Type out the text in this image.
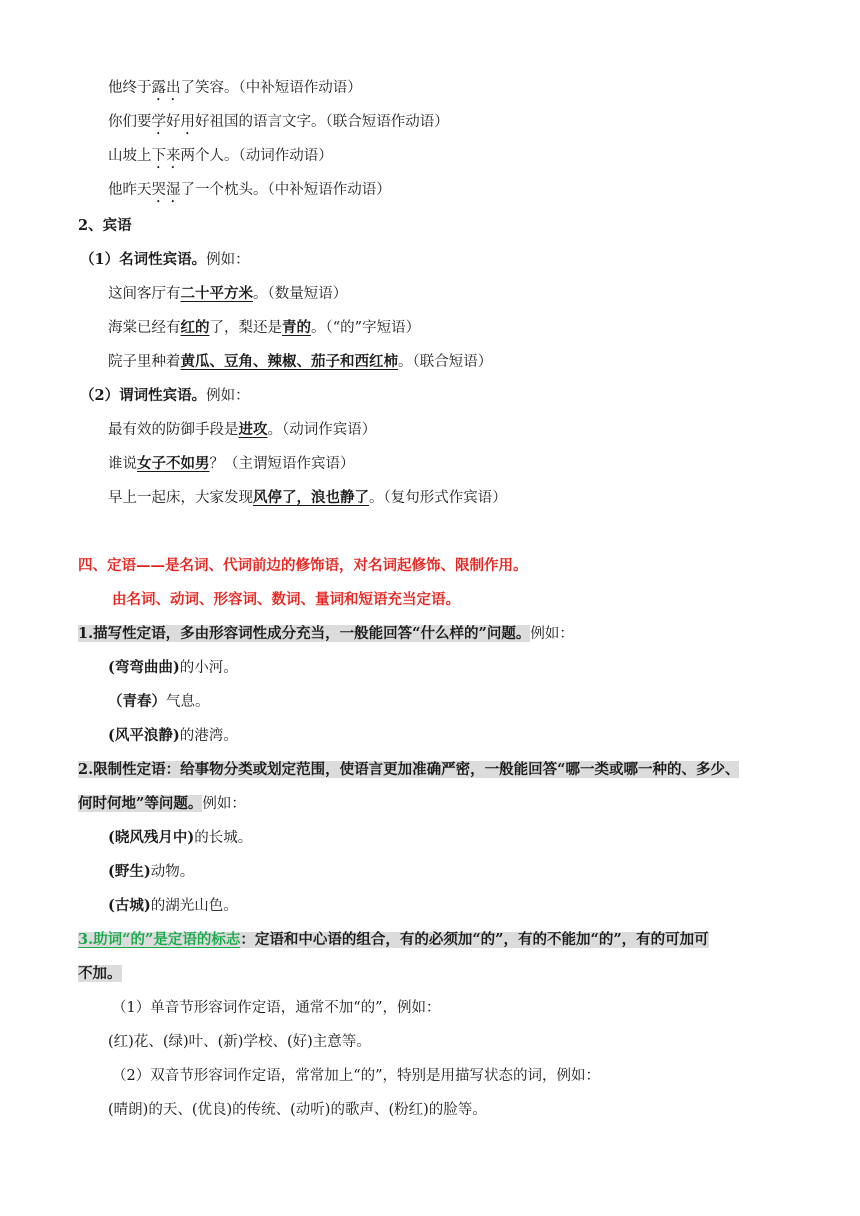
他终于露出了笑容。（中补短语作动语）
你们要学好用好祖国的语言文字。（联合短语作动语）
山坡上下来两个人。（动词作动语）
他昨天哭湿了一个枕头。（中补短语作动语）
2、宾语
（1）名词性宾语。例如：
这间客厅有二十平方米。（数量短语）
海棠已经有红的了，梨还是青的。（“的”字短语）
院子里种着黄瓜、豆角、辣椒、茄子和西红柿。（联合短语）
（2）谓词性宾语。例如：
最有效的防御手段是进攻。（动词作宾语）
谁说女子不如男？（主谓短语作宾语）
早上一起床，大家发现风停了，浪也静了。（复句形式作宾语）
四、定语——是名词、代词前边的修饰语，对名词起修饰、限制作用。
由名词、动词、形容词、数词、量词和短语充当定语。
1.描写性定语，多由形容词性成分充当，一般能回答“什么样的”问题。例如：
(弯弯曲曲)的小河。
（青春）气息。
(风平浪静)的港湾。
2.限制性定语：给事物分类或划定范围，使语言更加准确严密，一般能回答“哪一类或哪一种的、多少、
何时何地”等问题。例如：
(晓风残月中)的长城。
(野生)动物。
(古城)的湖光山色。
3.助词“的”是定语的标志：定语和中心语的组合，有的必须加“的”，有的不能加“的”，有的可加可
不加。
（1）单音节形容词作定语，通常不加“的”，例如：
(红)花、(绿)叶、(新)学校、(好)主意等。
（2）双音节形容词作定语，常常加上“的”，特别是用描写状态的词，例如：
(晴朗)的天、(优良)的传统、(动听)的歌声、(粉红)的脸等。
